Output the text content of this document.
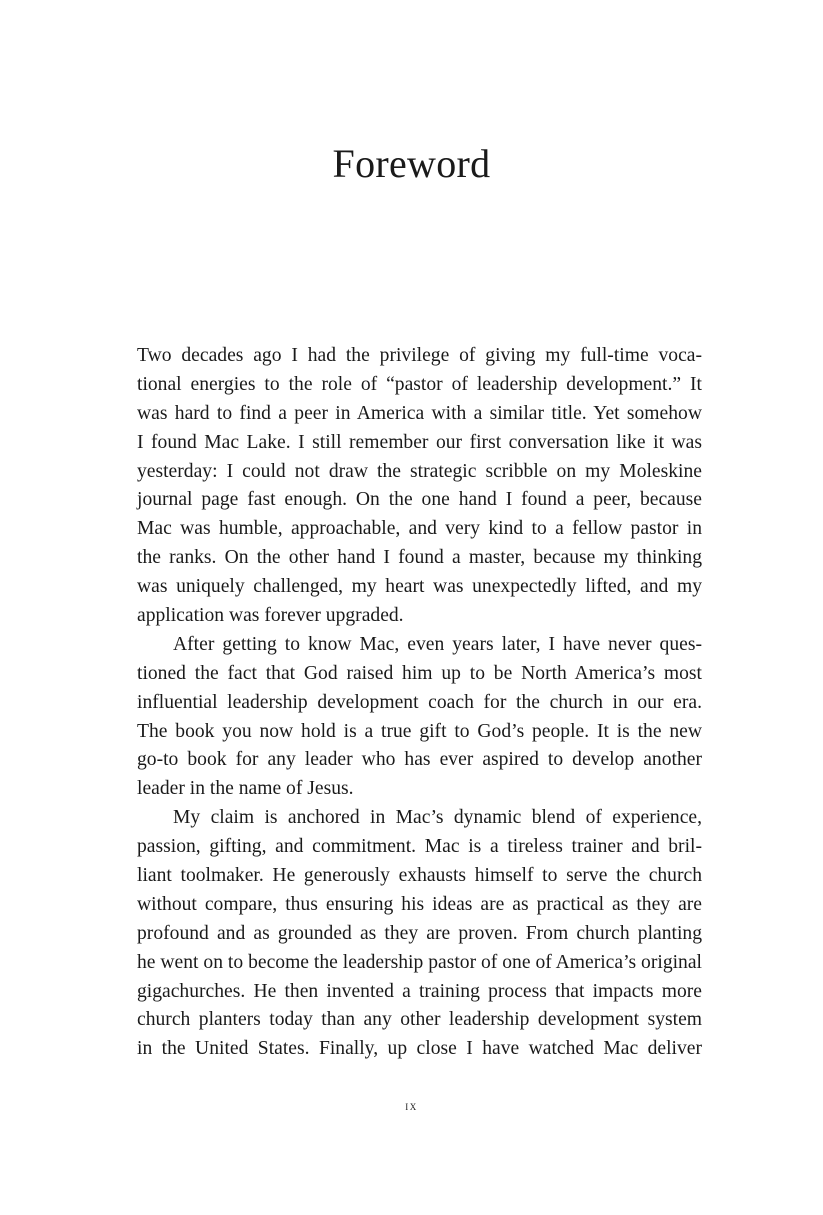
Foreword
Two decades ago I had the privilege of giving my full-time voca-
tional energies to the role of “pastor of leadership development.” It
was hard to find a peer in America with a similar title. Yet somehow
I found Mac Lake. I still remember our first conversation like it was
yesterday: I could not draw the strategic scribble on my Moleskine
journal page fast enough. On the one hand I found a peer, because
Mac was humble, approachable, and very kind to a fellow pastor in
the ranks. On the other hand I found a master, because my thinking
was uniquely challenged, my heart was unexpectedly lifted, and my
application was forever upgraded.
After getting to know Mac, even years later, I have never ques-
tioned the fact that God raised him up to be North America’s most
influential leadership development coach for the church in our era.
The book you now hold is a true gift to God’s people. It is the new
go-to book for any leader who has ever aspired to develop another
leader in the name of Jesus.
My claim is anchored in Mac’s dynamic blend of experience,
passion, gifting, and commitment. Mac is a tireless trainer and bril-
liant toolmaker. He generously exhausts himself to serve the church
without compare, thus ensuring his ideas are as practical as they are
profound and as grounded as they are proven. From church planting
he went on to become the leadership pastor of one of America’s original
gigachurches. He then invented a training process that impacts more
church planters today than any other leadership development system
in the United States. Finally, up close I have watched Mac deliver
ix
